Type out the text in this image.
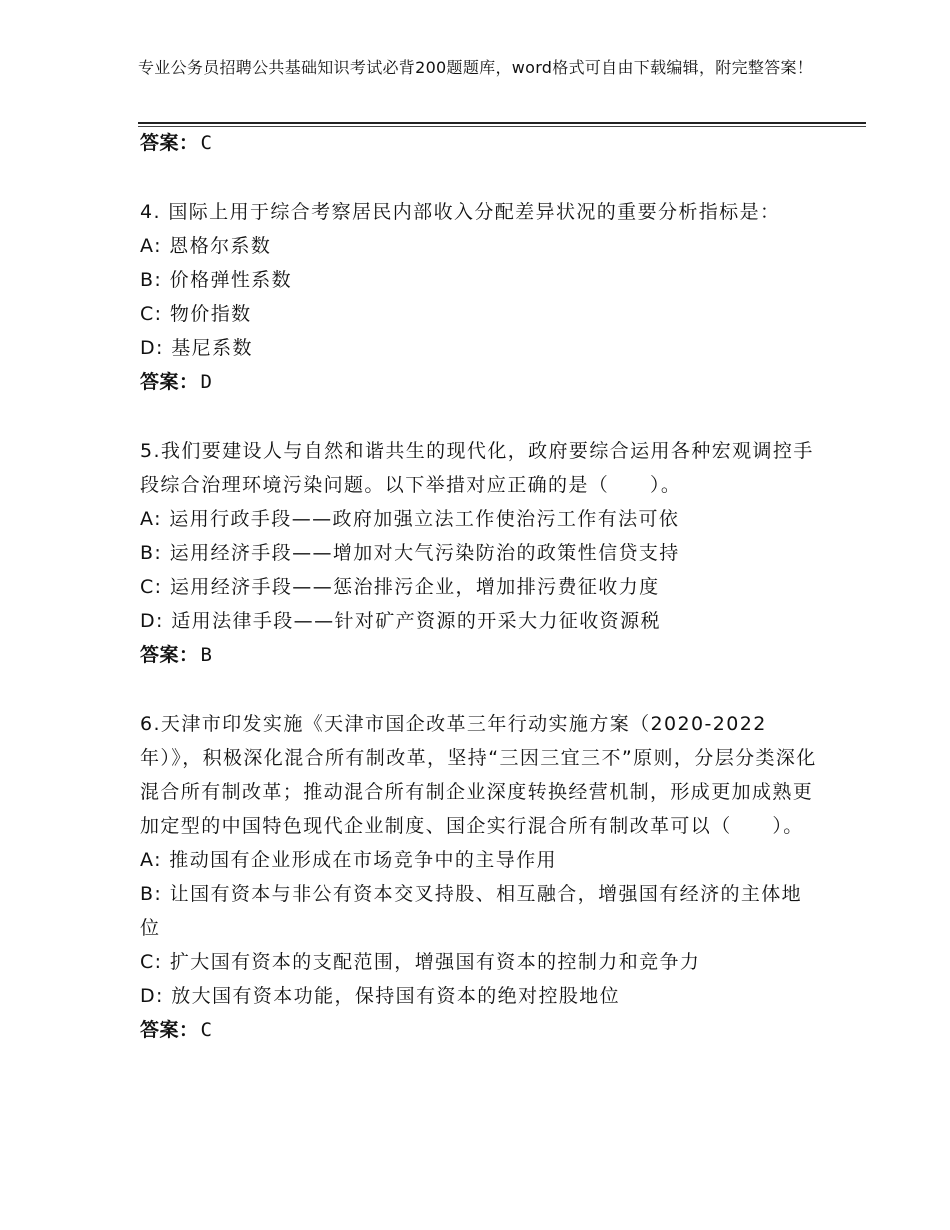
专业公务员招聘公共基础知识考试必背200题题库，word格式可自由下载编辑，附完整答案！
答案： C
4. 国际上用于综合考察居民内部收入分配差异状况的重要分析指标是：
A: 恩格尔系数
B: 价格弹性系数
C: 物价指数
D: 基尼系数
答案： D
5.我们要建设人与自然和谐共生的现代化，政府要综合运用各种宏观调控手段综合治理环境污染问题。以下举措对应正确的是（　　）。
A: 运用行政手段——政府加强立法工作使治污工作有法可依
B: 运用经济手段——增加对大气污染防治的政策性信贷支持
C: 运用经济手段——惩治排污企业，增加排污费征收力度
D: 适用法律手段——针对矿产资源的开采大力征收资源税
答案： B
6.天津市印发实施《天津市国企改革三年行动实施方案（2020-2022年）》，积极深化混合所有制改革，坚持“三因三宜三不”原则，分层分类深化混合所有制改革；推动混合所有制企业深度转换经营机制，形成更加成熟更加定型的中国特色现代企业制度、国企实行混合所有制改革可以（　　）。
A: 推动国有企业形成在市场竞争中的主导作用
B: 让国有资本与非公有资本交叉持股、相互融合，增强国有经济的主体地位
C: 扩大国有资本的支配范围，增强国有资本的控制力和竞争力
D: 放大国有资本功能，保持国有资本的绝对控股地位
答案： C
